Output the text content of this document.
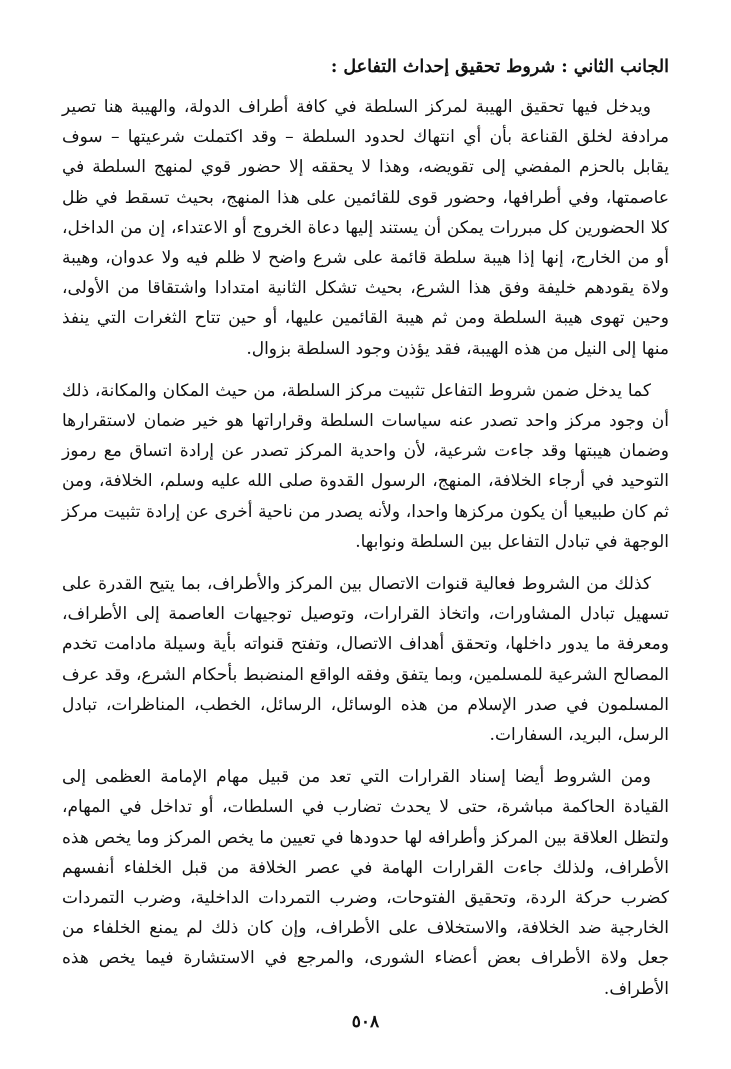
الجانب الثاني : شروط تحقيق إحداث التفاعل :

ويدخل فيها تحقيق الهيبة لمركز السلطة في كافة أطراف الدولة، والهيبة هنا تصير مرادفة لخلق القناعة بأن أي انتهاك لحدود السلطة – وقد اكتملت شرعيتها – سوف يقابل بالحزم المفضي إلى تقويضه، وهذا لا يحققه إلا حضور قوي لمنهج السلطة في عاصمتها، وفي أطرافها، وحضور قوى للقائمين على هذا المنهج، بحيث تسقط في ظل كلا الحضورين كل مبررات يمكن أن يستند إليها دعاة الخروج أو الاعتداء، إن من الداخل، أو من الخارج، إنها إذا هيبة سلطة قائمة على شرع واضح لا ظلم فيه ولا عدوان، وهيبة ولاة يقودهم خليفة وفق هذا الشرع، بحيث تشكل الثانية امتدادا واشتقاقا من الأولى، وحين تهوى هيبة السلطة ومن ثم هيبة القائمين عليها، أو حين تتاح الثغرات التي ينفذ منها إلى النيل من هذه الهيبة، فقد يؤذن وجود السلطة بزوال.

كما يدخل ضمن شروط التفاعل تثبيت مركز السلطة، من حيث المكان والمكانة، ذلك أن وجود مركز واحد تصدر عنه سياسات السلطة وقراراتها هو خير ضمان لاستقرارها وضمان هيبتها وقد جاءت شرعية، لأن واحدية المركز تصدر عن إرادة اتساق مع رموز التوحيد في أرجاء الخلافة، المنهج، الرسول القدوة صلى الله عليه وسلم، الخلافة، ومن ثم كان طبيعيا أن يكون مركزها واحدا، ولأنه يصدر من ناحية أخرى عن إرادة تثبيت مركز الوجهة في تبادل التفاعل بين السلطة ونوابها.

كذلك من الشروط فعالية قنوات الاتصال بين المركز والأطراف، بما يتيح القدرة على تسهيل تبادل المشاورات، واتخاذ القرارات، وتوصيل توجيهات العاصمة إلى الأطراف، ومعرفة ما يدور داخلها، وتحقق أهداف الاتصال، وتفتح قنواته بأية وسيلة مادامت تخدم المصالح الشرعية للمسلمين، وبما يتفق وفقه الواقع المنضبط بأحكام الشرع، وقد عرف المسلمون في صدر الإسلام من هذه الوسائل، الرسائل، الخطب، المناظرات، تبادل الرسل، البريد، السفارات.

ومن الشروط أيضا إسناد القرارات التي تعد من قبيل مهام الإمامة العظمى إلى القيادة الحاكمة مباشرة، حتى لا يحدث تضارب في السلطات، أو تداخل في المهام، ولتظل العلاقة بين المركز وأطرافه لها حدودها في تعيين ما يخص المركز وما يخص هذه الأطراف، ولذلك جاءت القرارات الهامة في عصر الخلافة من قبل الخلفاء أنفسهم كضرب حركة الردة، وتحقيق الفتوحات، وضرب التمردات الداخلية، وضرب التمردات الخارجية ضد الخلافة، والاستخلاف على الأطراف، وإن كان ذلك لم يمنع الخلفاء من جعل ولاة الأطراف بعض أعضاء الشورى، والمرجع في الاستشارة فيما يخص هذه الأطراف.

٥٠٨
